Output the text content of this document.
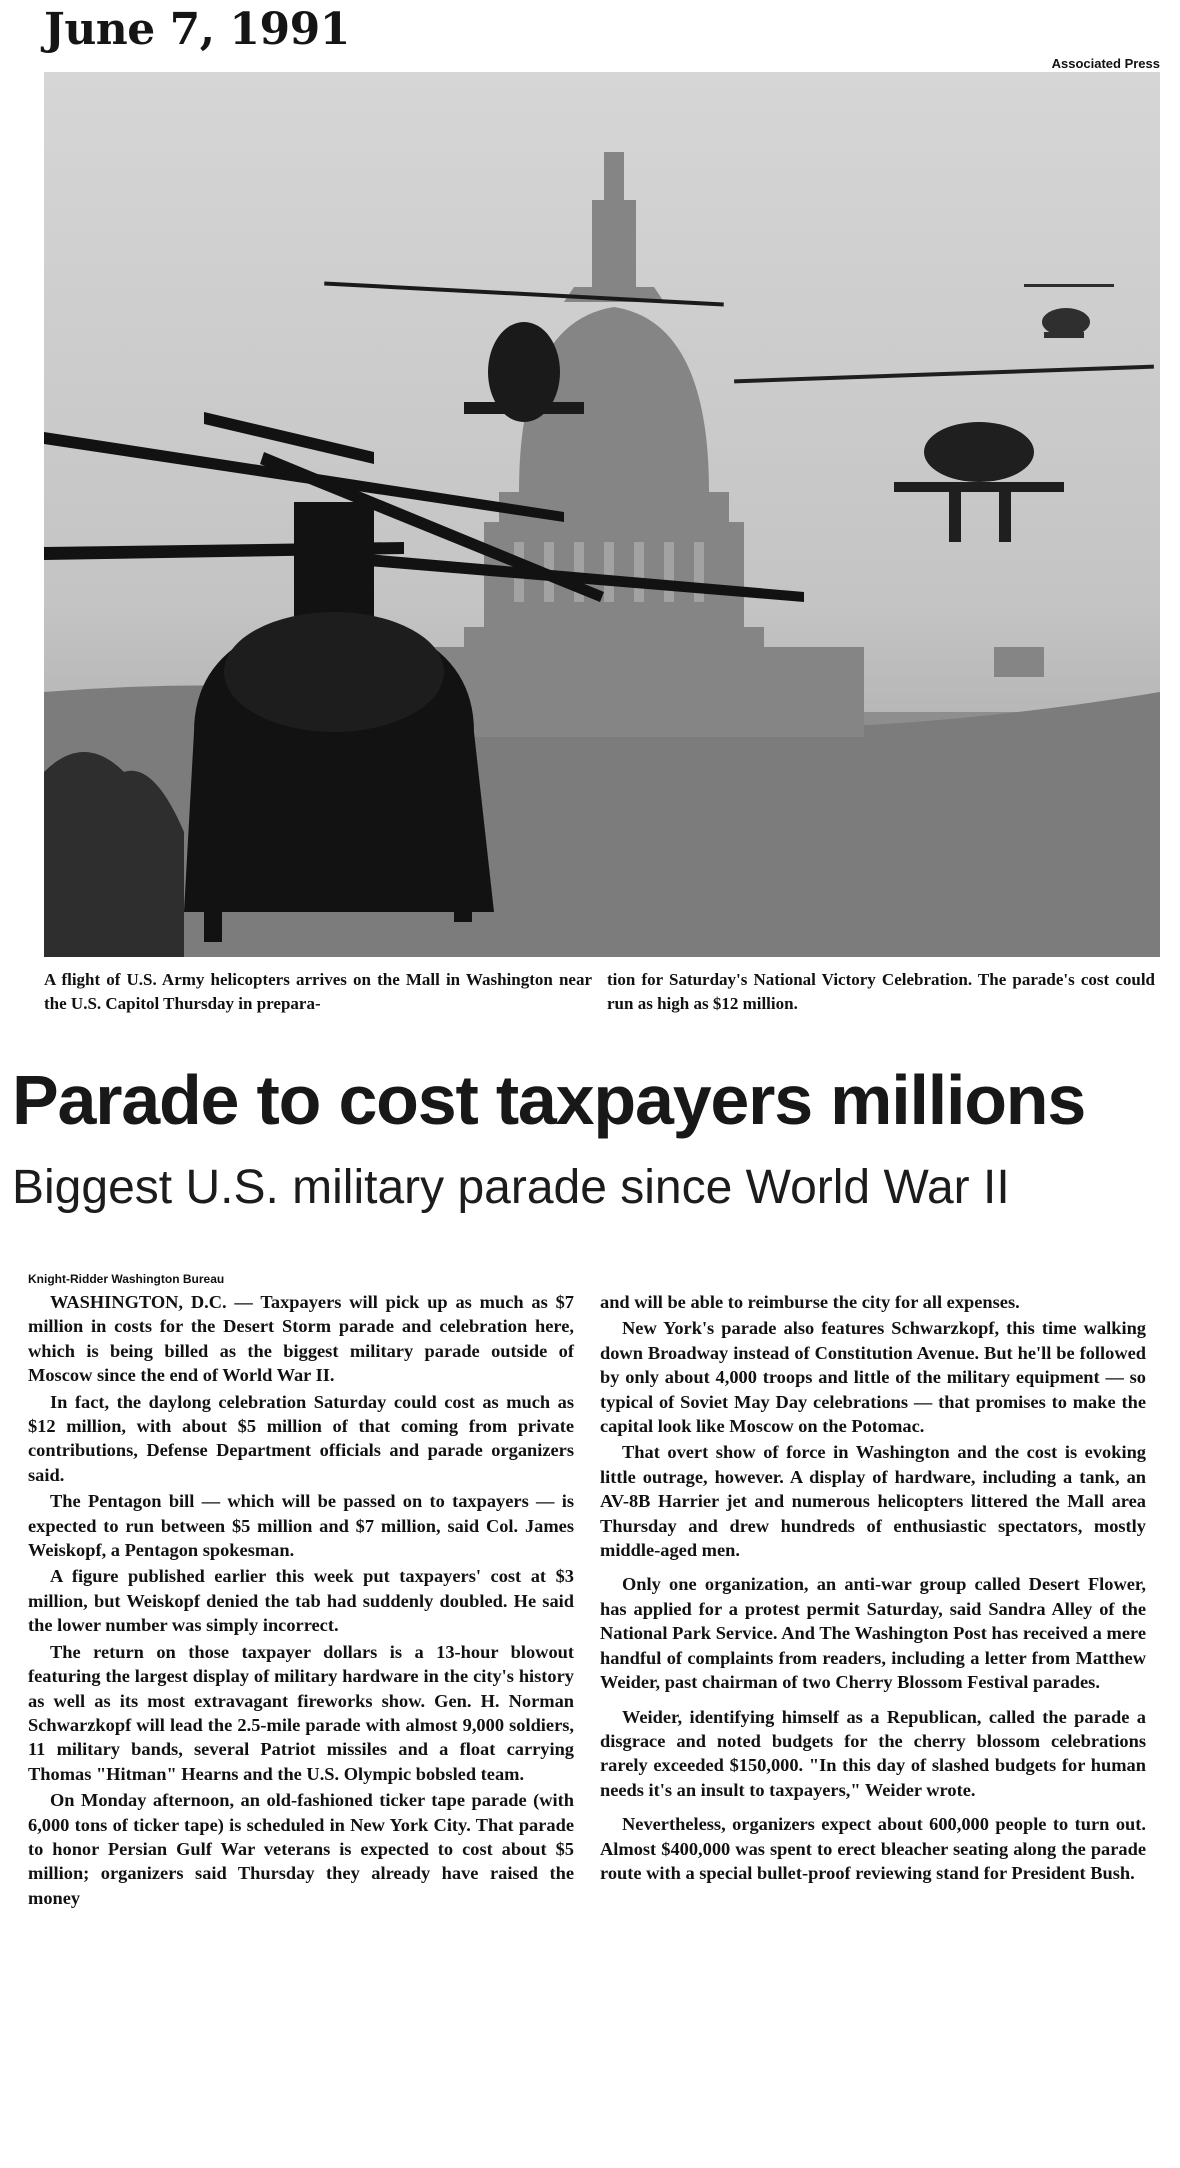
June 7, 1991
Associated Press
A flight of U.S. Army helicopters arrives on the Mall in Washington near the U.S. Capitol Thursday in prepara-
tion for Saturday's National Victory Celebration. The parade's cost could run as high as $12 million.
Parade to cost taxpayers millions
Biggest U.S. military parade since World War II
Knight-Ridder Washington Bureau

WASHINGTON, D.C. — Taxpayers will pick up as much as $7 million in costs for the Desert Storm parade and celebration here, which is being billed as the biggest military parade outside of Moscow since the end of World War II.

In fact, the daylong celebration Saturday could cost as much as $12 million, with about $5 million of that coming from private contributions, Defense Department officials and parade organizers said.

The Pentagon bill — which will be passed on to taxpayers — is expected to run between $5 million and $7 million, said Col. James Weiskopf, a Pentagon spokesman.

A figure published earlier this week put taxpayers' cost at $3 million, but Weiskopf denied the tab had suddenly doubled. He said the lower number was simply incorrect.

The return on those taxpayer dollars is a 13-hour blowout featuring the largest display of military hardware in the city's history as well as its most extravagant fireworks show. Gen. H. Norman Schwarzkopf will lead the 2.5-mile parade with almost 9,000 soldiers, 11 military bands, several Patriot missiles and a float carrying Thomas "Hitman" Hearns and the U.S. Olympic bobsled team.

On Monday afternoon, an old-fashioned ticker tape parade (with 6,000 tons of ticker tape) is scheduled in New York City. That parade to honor Persian Gulf War veterans is expected to cost about $5 million; organizers said Thursday they already have raised the money

and will be able to reimburse the city for all expenses.

New York's parade also features Schwarzkopf, this time walking down Broadway instead of Constitution Avenue. But he'll be followed by only about 4,000 troops and little of the military equipment — so typical of Soviet May Day celebrations — that promises to make the capital look like Moscow on the Potomac.

That overt show of force in Washington and the cost is evoking little outrage, however. A display of hardware, including a tank, an AV-8B Harrier jet and numerous helicopters littered the Mall area Thursday and drew hundreds of enthusiastic spectators, mostly middle-aged men.

Only one organization, an anti-war group called Desert Flower, has applied for a protest permit Saturday, said Sandra Alley of the National Park Service. And The Washington Post has received a mere handful of complaints from readers, including a letter from Matthew Weider, past chairman of two Cherry Blossom Festival parades.

Weider, identifying himself as a Republican, called the parade a disgrace and noted budgets for the cherry blossom celebrations rarely exceeded $150,000. "In this day of slashed budgets for human needs it's an insult to taxpayers," Weider wrote.

Nevertheless, organizers expect about 600,000 people to turn out. Almost $400,000 was spent to erect bleacher seating along the parade route with a special bullet-proof reviewing stand for President Bush.
